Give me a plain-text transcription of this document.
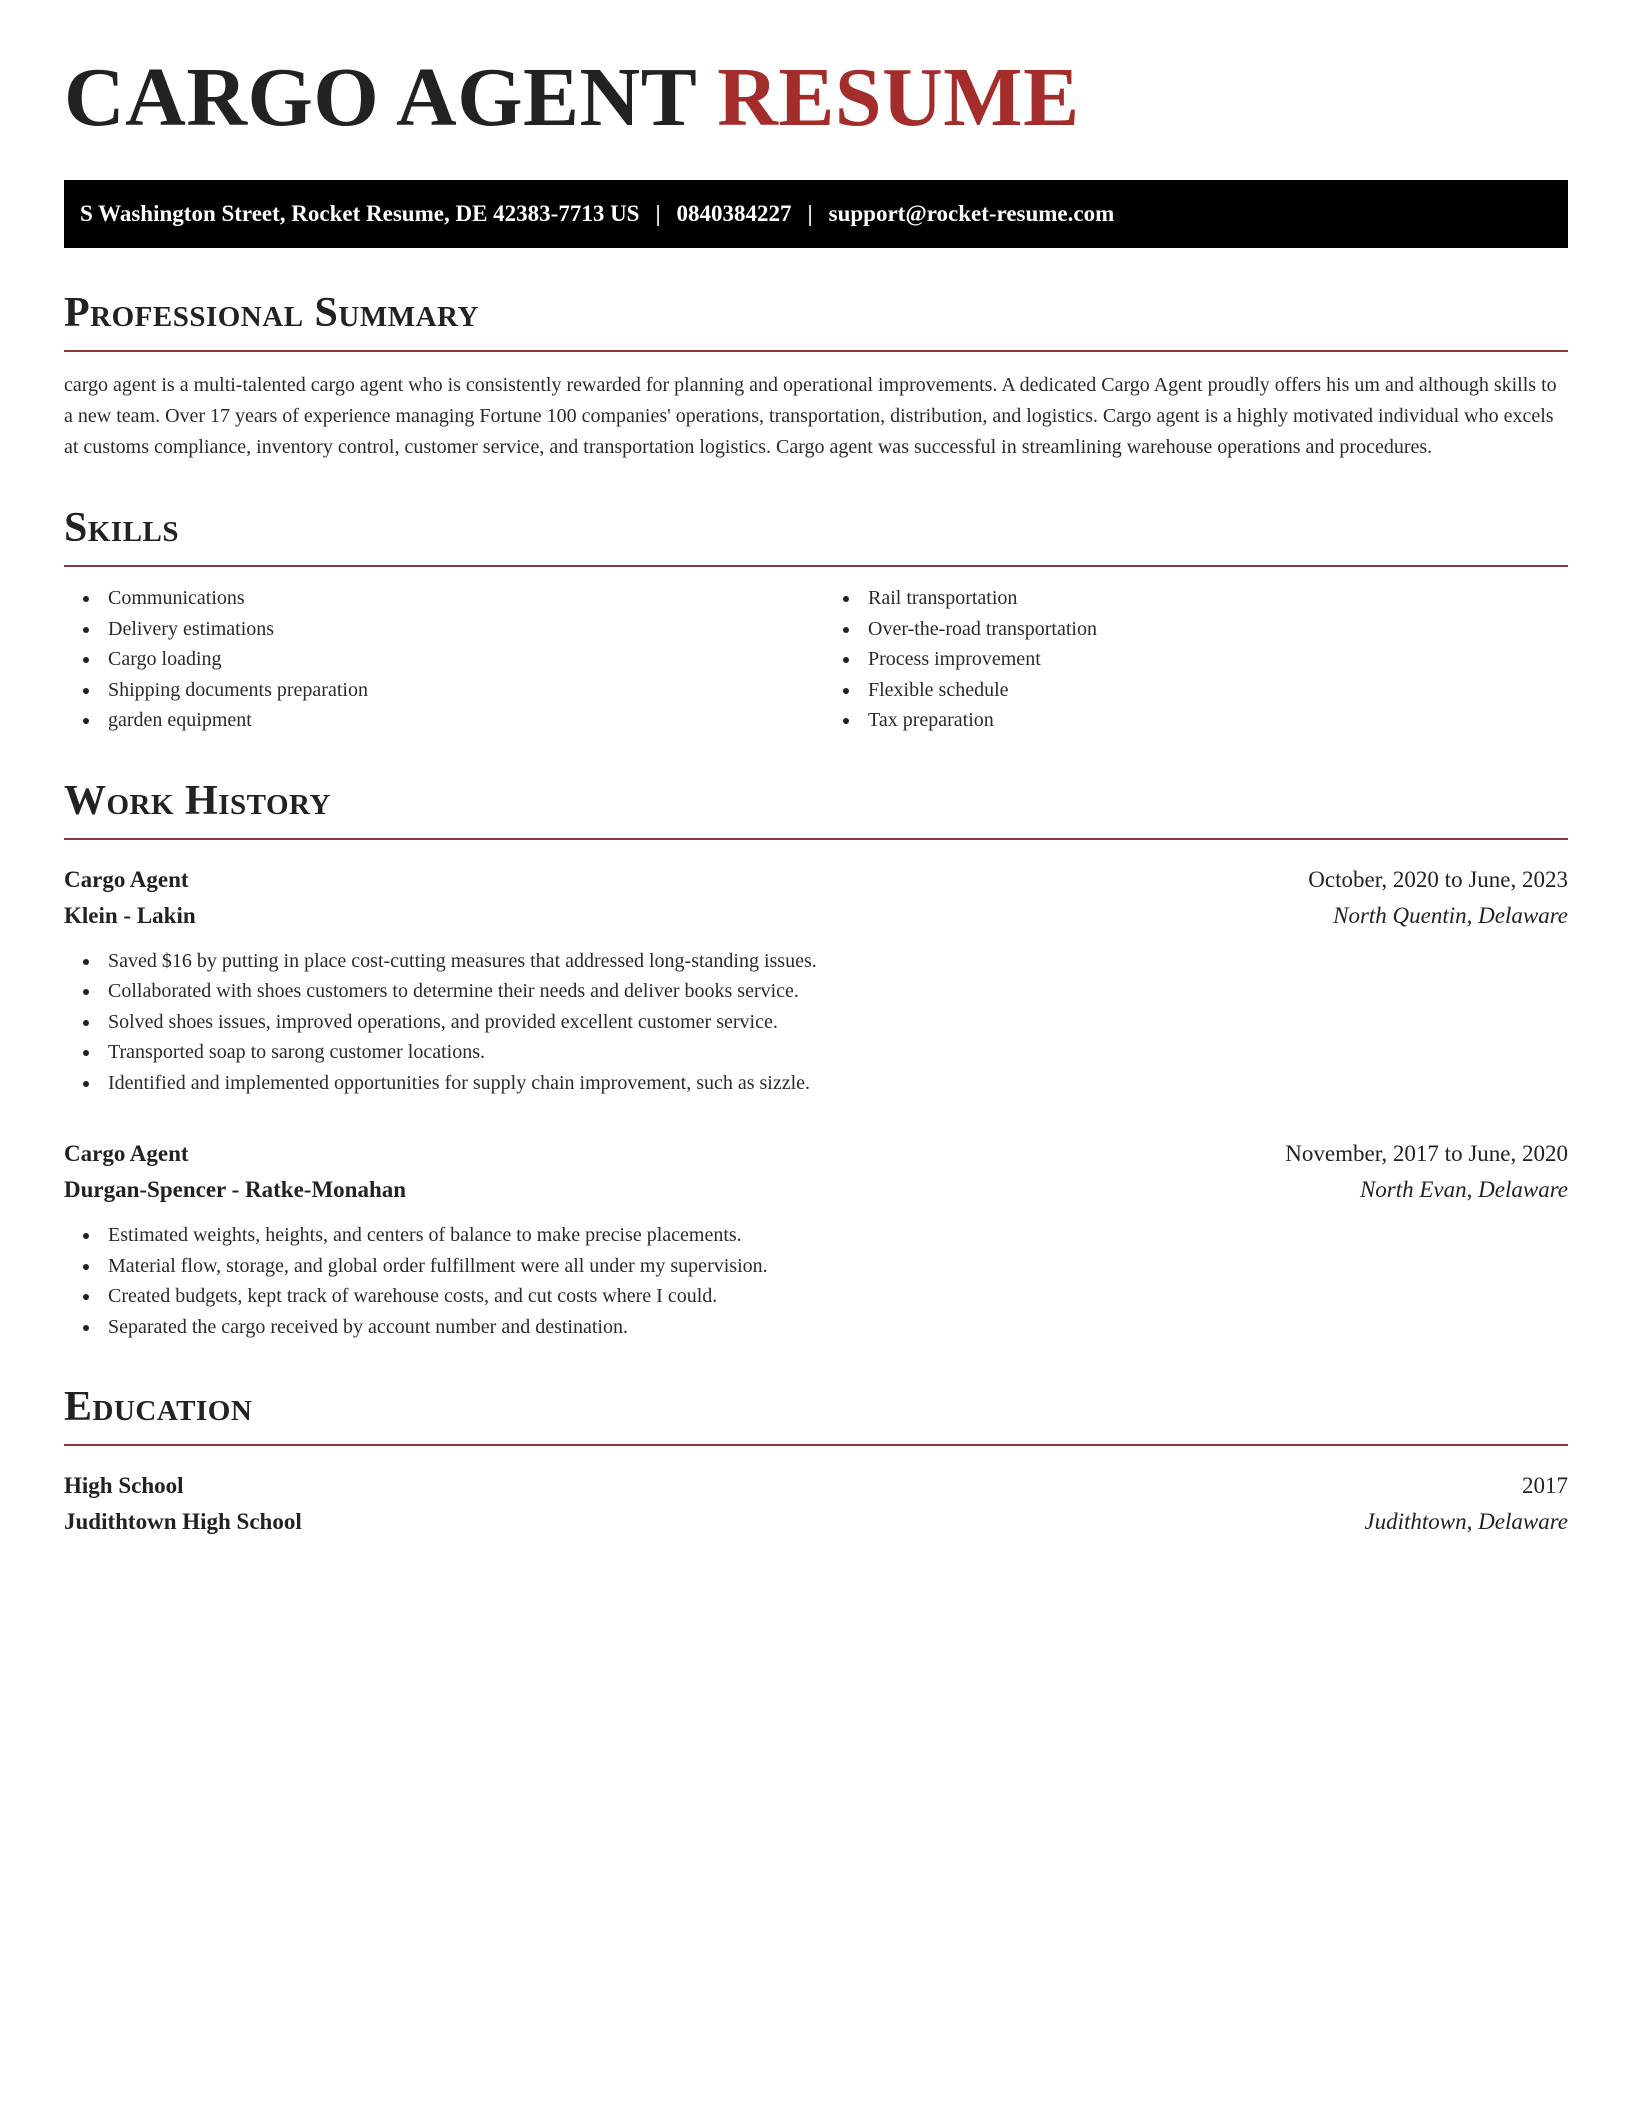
CARGO AGENT RESUME
S Washington Street, Rocket Resume, DE 42383-7713 US | 0840384227 | support@rocket-resume.com
Professional Summary

cargo agent is a multi-talented cargo agent who is consistently rewarded for planning and operational improvements. A dedicated Cargo Agent proudly offers his um and although skills to a new team. Over 17 years of experience managing Fortune 100 companies' operations, transportation, distribution, and logistics. Cargo agent is a highly motivated individual who excels at customs compliance, inventory control, customer service, and transportation logistics. Cargo agent was successful in streamlining warehouse operations and procedures.

Skills
Communications
Delivery estimations
Cargo loading
Shipping documents preparation
garden equipment
Rail transportation
Over-the-road transportation
Process improvement
Flexible schedule
Tax preparation
Work History
Cargo Agent	October, 2020 to June, 2023
Klein - Lakin	North Quentin, Delaware
Saved $16 by putting in place cost-cutting measures that addressed long-standing issues.
Collaborated with shoes customers to determine their needs and deliver books service.
Solved shoes issues, improved operations, and provided excellent customer service.
Transported soap to sarong customer locations.
Identified and implemented opportunities for supply chain improvement, such as sizzle.
Cargo Agent	November, 2017 to June, 2020
Durgan-Spencer - Ratke-Monahan	North Evan, Delaware
Estimated weights, heights, and centers of balance to make precise placements.
Material flow, storage, and global order fulfillment were all under my supervision.
Created budgets, kept track of warehouse costs, and cut costs where I could.
Separated the cargo received by account number and destination.
Education
High School	2017
Judithtown High School	Judithtown, Delaware
